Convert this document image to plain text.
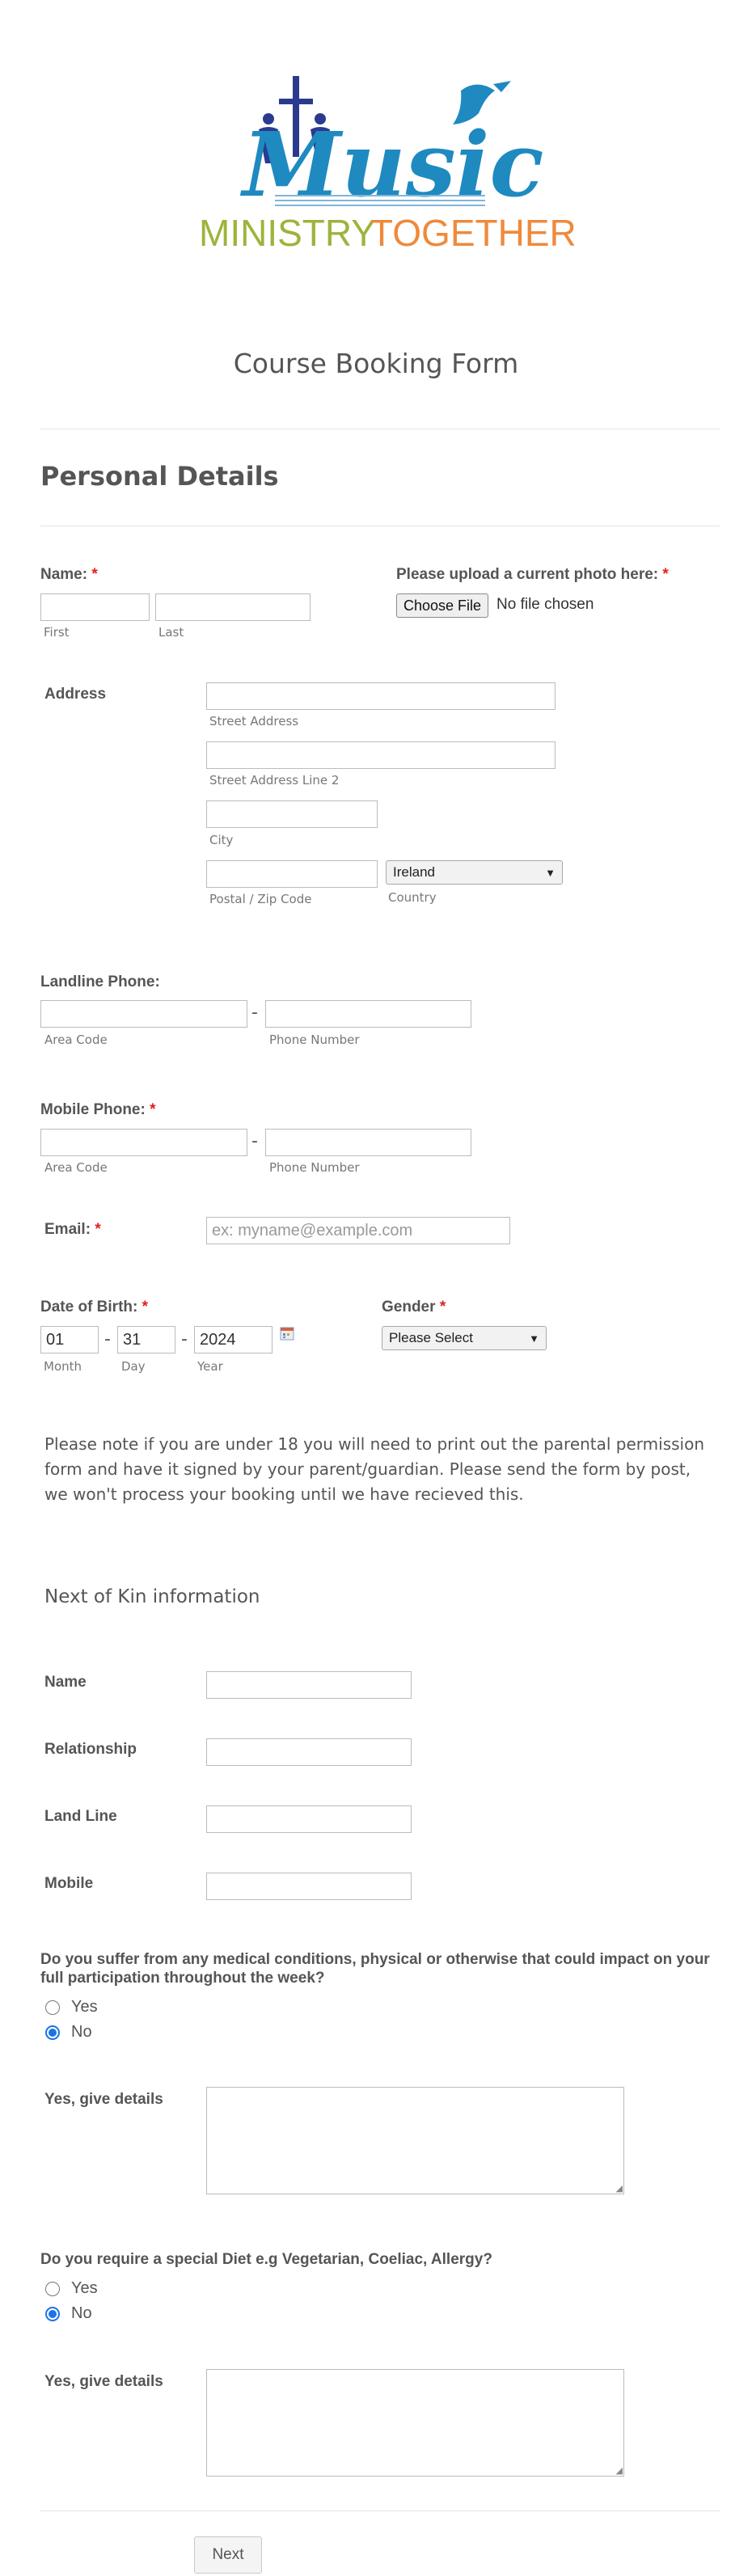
Music
MINISTRY
TOGETHER
Course Booking Form
Personal Details
Name: *
First	Last
Please upload a current photo here: *
Choose File No file chosen
Address
Street Address
Street Address Line 2
City
Postal / Zip Code
Ireland	▼
Country
Landline Phone:
-
Area Code	Phone Number
Mobile Phone: *
-
Area Code	Phone Number
Email: *	ex: myname@example.com
Date of Birth: *
01	- 31	- 2024
Month	Day	Year
Gender *
Please Select	▼
Please note if you are under 18 you will need to print out the parental permission form and have it signed by your parent/guardian. Please send the form by post, we won't process your booking until we have recieved this.
Next of Kin information
Name
Relationship
Land Line
Mobile
Do you suffer from any medical conditions, physical or otherwise that could impact on your full participation throughout the week?
Yes
No
Yes, give details
◢
Do you require a special Diet e.g Vegetarian, Coeliac, Allergy?
Yes
No
Yes, give details
◢
Next
